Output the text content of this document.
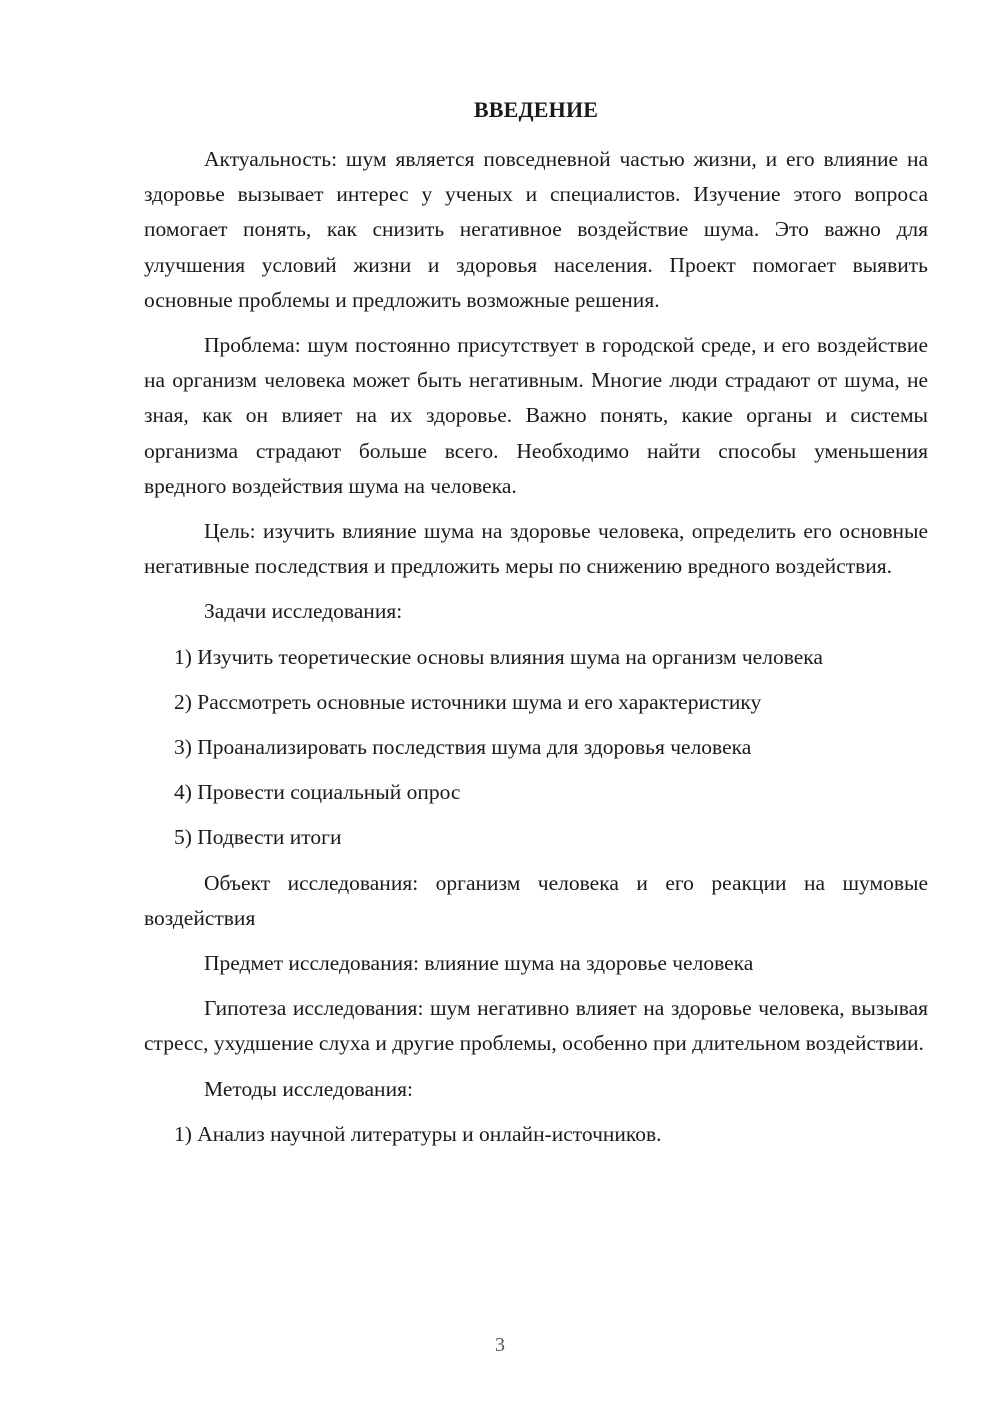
ВВЕДЕНИЕ

Актуальность: шум является повседневной частью жизни, и его влияние на здоровье вызывает интерес у ученых и специалистов. Изучение этого вопроса помогает понять, как снизить негативное воздействие шума. Это важно для улучшения условий жизни и здоровья населения. Проект помогает выявить основные проблемы и предложить возможные решения.

Проблема: шум постоянно присутствует в городской среде, и его воздействие на организм человека может быть негативным. Многие люди страдают от шума, не зная, как он влияет на их здоровье. Важно понять, какие органы и системы организма страдают больше всего. Необходимо найти способы уменьшения вредного воздействия шума на человека.

Цель: изучить влияние шума на здоровье человека, определить его основные негативные последствия и предложить меры по снижению вредного воздействия.

Задачи исследования:
1) Изучить теоретические основы влияния шума на организм человека
2) Рассмотреть основные источники шума и его характеристику
3) Проанализировать последствия шума для здоровья человека
4) Провести социальный опрос
5) Подвести итоги

Объект исследования: организм человека и его реакции на шумовые воздействия

Предмет исследования: влияние шума на здоровье человека

Гипотеза исследования: шум негативно влияет на здоровье человека, вызывая стресс, ухудшение слуха и другие проблемы, особенно при длительном воздействии.

Методы исследования:
1) Анализ научной литературы и онлайн-источников.
3
